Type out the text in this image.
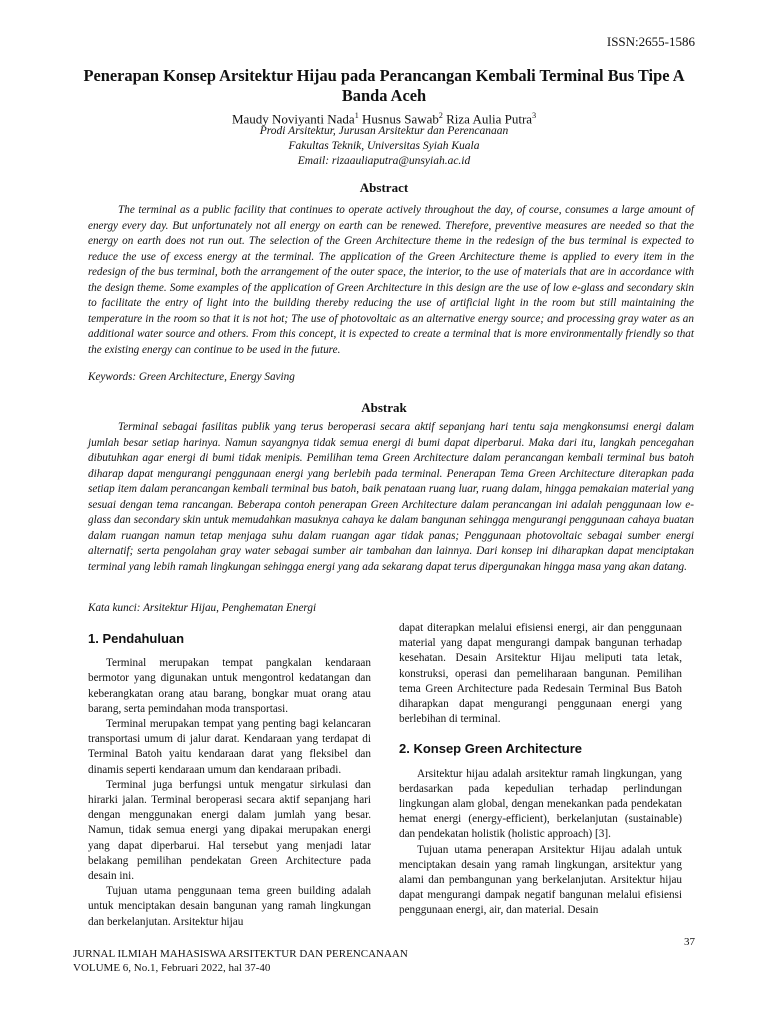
ISSN:2655-1586
Penerapan Konsep Arsitektur Hijau pada Perancangan Kembali Terminal Bus Tipe A Banda Aceh
Maudy Noviyanti Nada$^1$ Husnus Sawab$^2$ Riza Aulia Putra$^3$
Prodi Arsitektur, Jurusan Arsitektur dan Perencanaan
Fakultas Teknik, Universitas Syiah Kuala
Email: rizaauliaputra@unsyiah.ac.id
Abstract

The terminal as a public facility that continues to operate actively throughout the day, of course, consumes a large amount of energy every day. But unfortunately not all energy on earth can be renewed. Therefore, preventive measures are needed so that the energy on earth does not run out. The selection of the Green Architecture theme in the redesign of the bus terminal is expected to reduce the use of excess energy at the terminal. The application of the Green Architecture theme is applied to every item in the redesign of the bus terminal, both the arrangement of the outer space, the interior, to the use of materials that are in accordance with the design theme. Some examples of the application of Green Architecture in this design are the use of low e-glass and secondary skin to facilitate the entry of light into the building thereby reducing the use of artificial light in the room but still maintaining the temperature in the room so that it is not hot; The use of photovoltaic as an alternative energy source; and processing gray water as an additional water source and others. From this concept, it is expected to create a terminal that is more environmentally friendly so that the existing energy can continue to be used in the future.

Keywords: Green Architecture, Energy Saving

Abstrak

Terminal sebagai fasilitas publik yang terus beroperasi secara aktif sepanjang hari tentu saja mengkonsumsi energi dalam jumlah besar setiap harinya. Namun sayangnya tidak semua energi di bumi dapat diperbarui. Maka dari itu, langkah pencegahan dibutuhkan agar energi di bumi tidak menipis. Pemilihan tema Green Architecture dalam perancangan kembali terminal bus batoh diharap dapat mengurangi penggunaan energi yang berlebih pada terminal. Penerapan Tema Green Architecture diterapkan pada setiap item dalam perancangan kembali terminal bus batoh, baik penataan ruang luar, ruang dalam, hingga pemakaian material yang sesuai dengan tema rancangan. Beberapa contoh penerapan Green Architecture dalam perancangan ini adalah penggunaan low e-glass dan secondary skin untuk memudahkan masuknya cahaya ke dalam bangunan sehingga mengurangi penggunaan cahaya buatan dalam ruangan namun tetap menjaga suhu dalam ruangan agar tidak panas; Penggunaan photovoltaic sebagai sumber energi alternatif; serta pengolahan gray water sebagai sumber air tambahan dan lainnya. Dari konsep ini diharapkan dapat menciptakan terminal yang lebih ramah lingkungan sehingga energi yang ada sekarang dapat terus dipergunakan hingga masa yang akan datang.

Kata kunci: Arsitektur Hijau, Penghematan Energi

1. Pendahuluan

Terminal merupakan tempat pangkalan kendaraan bermotor yang digunakan untuk mengontrol kedatangan dan keberangkatan orang atau barang, bongkar muat orang atau barang, serta pemindahan moda transportasi.

Terminal merupakan tempat yang penting bagi kelancaran transportasi umum di jalur darat. Kendaraan yang terdapat di Terminal Batoh yaitu kendaraan darat yang fleksibel dan dinamis seperti kendaraan umum dan kendaraan pribadi.

Terminal juga berfungsi untuk mengatur sirkulasi dan hirarki jalan. Terminal beroperasi secara aktif sepanjang hari dengan menggunakan energi dalam jumlah yang besar. Namun, tidak semua energi yang dipakai merupakan energi yang dapat diperbarui. Hal tersebut yang menjadi latar belakang pemilihan pendekatan Green Architecture pada desain ini.

Tujuan utama penggunaan tema green building adalah untuk menciptakan desain bangunan yang ramah lingkungan dan berkelanjutan. Arsitektur hijau

dapat diterapkan melalui efisiensi energi, air dan penggunaan material yang dapat mengurangi dampak bangunan terhadap kesehatan. Desain Arsitektur Hijau meliputi tata letak, konstruksi, operasi dan pemeliharaan bangunan. Pemilihan tema Green Architecture pada Redesain Terminal Bus Batoh diharapkan dapat mengurangi penggunaan energi yang berlebihan di terminal.

2. Konsep Green Architecture

Arsitektur hijau adalah arsitektur ramah lingkungan, yang berdasarkan pada kepedulian terhadap perlindungan lingkungan alam global, dengan menekankan pada pendekatan hemat energi (energy-efficient), berkelanjutan (sustainable) dan pendekatan holistik (holistic approach) [3].

Tujuan utama penerapan Arsitektur Hijau adalah untuk menciptakan desain yang ramah lingkungan, arsitektur yang alami dan pembangunan yang berkelanjutan. Arsitektur hijau dapat mengurangi dampak negatif bangunan melalui efisiensi penggunaan energi, air, dan material. Desain

37
JURNAL ILMIAH MAHASISWA ARSITEKTUR DAN PERENCANAAN
VOLUME 6, No.1, Februari 2022, hal 37-40
